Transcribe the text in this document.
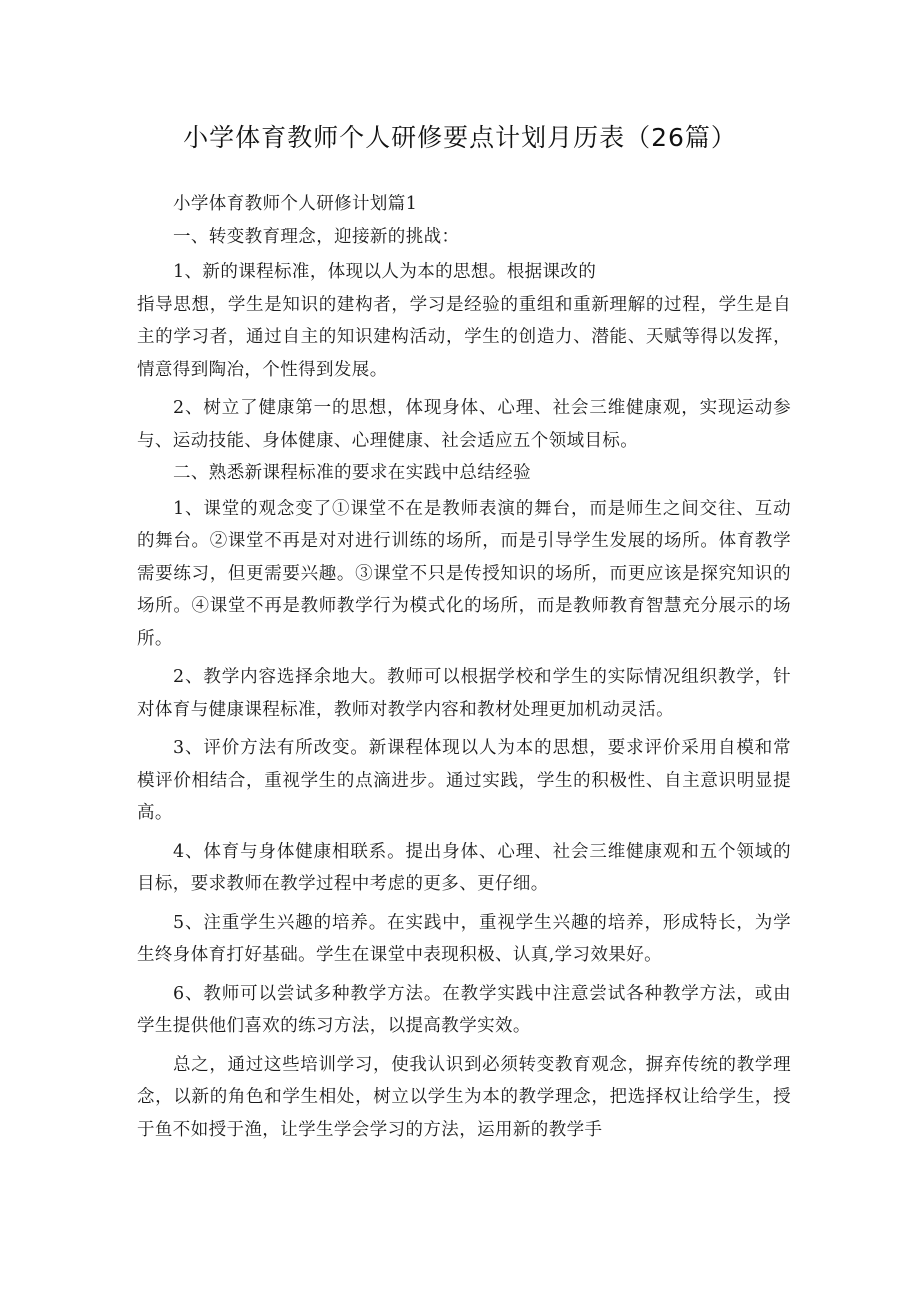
小学体育教师个人研修要点计划月历表（26篇）

小学体育教师个人研修计划篇1

一、转变教育理念，迎接新的挑战：

1、新的课程标准，体现以人为本的思想。根据课改的

指导思想，学生是知识的建构者，学习是经验的重组和重新理解的过程，学生是自主的学习者，通过自主的知识建构活动，学生的创造力、潜能、天赋等得以发挥，情意得到陶冶，个性得到发展。

2、树立了健康第一的思想，体现身体、心理、社会三维健康观，实现运动参与、运动技能、身体健康、心理健康、社会适应五个领域目标。

二、熟悉新课程标准的要求在实践中总结经验

1、课堂的观念变了①课堂不在是教师表演的舞台，而是师生之间交往、互动的舞台。②课堂不再是对对进行训练的场所，而是引导学生发展的场所。体育教学需要练习，但更需要兴趣。③课堂不只是传授知识的场所，而更应该是探究知识的场所。④课堂不再是教师教学行为模式化的场所，而是教师教育智慧充分展示的场所。

2、教学内容选择余地大。教师可以根据学校和学生的实际情况组织教学，针对体育与健康课程标准，教师对教学内容和教材处理更加机动灵活。

3、评价方法有所改变。新课程体现以人为本的思想，要求评价采用自模和常模评价相结合，重视学生的点滴进步。通过实践，学生的积极性、自主意识明显提高。

4、体育与身体健康相联系。提出身体、心理、社会三维健康观和五个领域的目标，要求教师在教学过程中考虑的更多、更仔细。

5、注重学生兴趣的培养。在实践中，重视学生兴趣的培养，形成特长，为学生终身体育打好基础。学生在课堂中表现积极、认真,学习效果好。

6、教师可以尝试多种教学方法。在教学实践中注意尝试各种教学方法，或由学生提供他们喜欢的练习方法，以提高教学实效。

总之，通过这些培训学习，使我认识到必须转变教育观念，摒弃传统的教学理念，以新的角色和学生相处，树立以学生为本的教学理念，把选择权让给学生，授于鱼不如授于渔，让学生学会学习的方法，运用新的教学手
